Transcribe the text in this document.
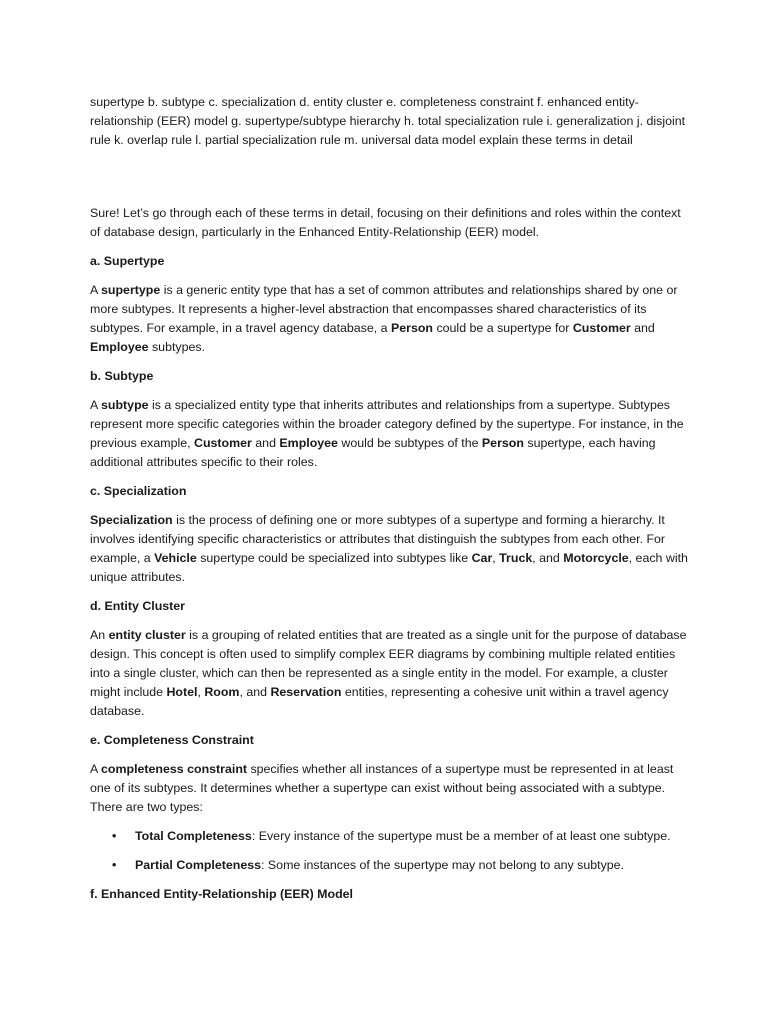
supertype b. subtype c. specialization d. entity cluster e. completeness constraint f. enhanced entity-relationship (EER) model g. supertype/subtype hierarchy h. total specialization rule i. generalization j. disjoint rule k. overlap rule l. partial specialization rule m. universal data model explain these terms in detail

Sure! Let’s go through each of these terms in detail, focusing on their definitions and roles within the context of database design, particularly in the Enhanced Entity-Relationship (EER) model.

a. Supertype

A supertype is a generic entity type that has a set of common attributes and relationships shared by one or more subtypes. It represents a higher-level abstraction that encompasses shared characteristics of its subtypes. For example, in a travel agency database, a Person could be a supertype for Customer and Employee subtypes.

b. Subtype

A subtype is a specialized entity type that inherits attributes and relationships from a supertype. Subtypes represent more specific categories within the broader category defined by the supertype. For instance, in the previous example, Customer and Employee would be subtypes of the Person supertype, each having additional attributes specific to their roles.

c. Specialization

Specialization is the process of defining one or more subtypes of a supertype and forming a hierarchy. It involves identifying specific characteristics or attributes that distinguish the subtypes from each other. For example, a Vehicle supertype could be specialized into subtypes like Car, Truck, and Motorcycle, each with unique attributes.

d. Entity Cluster

An entity cluster is a grouping of related entities that are treated as a single unit for the purpose of database design. This concept is often used to simplify complex EER diagrams by combining multiple related entities into a single cluster, which can then be represented as a single entity in the model. For example, a cluster might include Hotel, Room, and Reservation entities, representing a cohesive unit within a travel agency database.

e. Completeness Constraint

A completeness constraint specifies whether all instances of a supertype must be represented in at least one of its subtypes. It determines whether a supertype can exist without being associated with a subtype. There are two types:

• Total Completeness: Every instance of the supertype must be a member of at least one subtype.
• Partial Completeness: Some instances of the supertype may not belong to any subtype.

f. Enhanced Entity-Relationship (EER) Model
